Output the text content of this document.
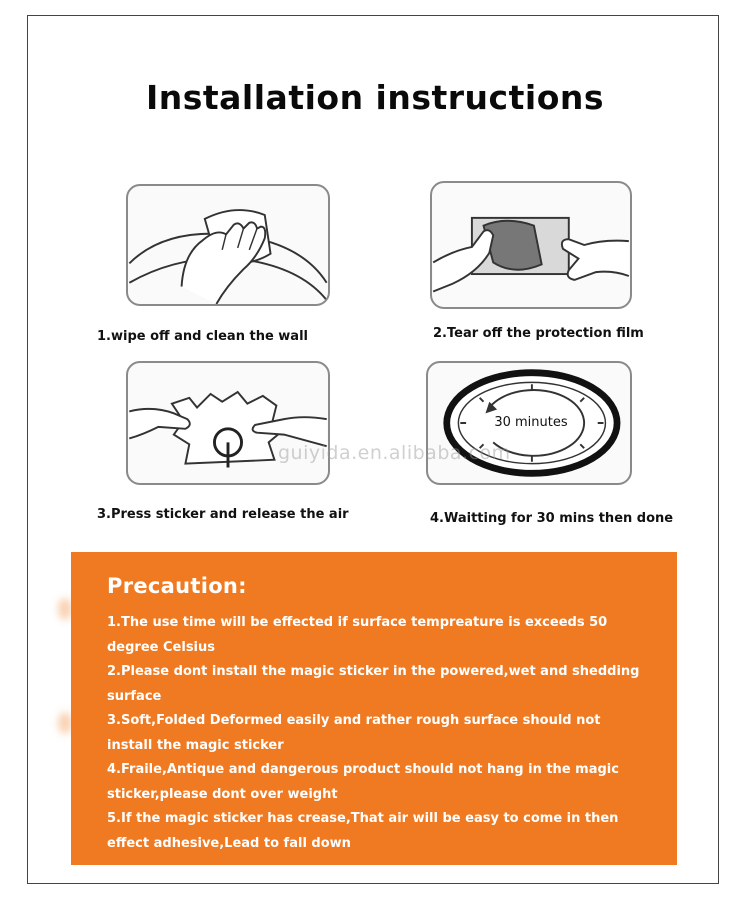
Installation instructions
1.wipe off and clean the wall	2.Tear off the protection film
3.Press sticker and release the air
30 minutes
4.Waitting for 30 mins then done
guiyida.en.alibaba.com
Precaution:

1.The use time will be effected if surface tempreature is exceeds 50 degree Celsius

2.Please dont install the magic sticker in the powered,wet and shedding surface

3.Soft,Folded Deformed easily and rather rough surface should not install the magic sticker

4.Fraile,Antique and dangerous product should not hang in the magic sticker,please dont over weight

5.If the magic sticker has crease,That air will be easy to come in then effect adhesive,Lead to fall down
